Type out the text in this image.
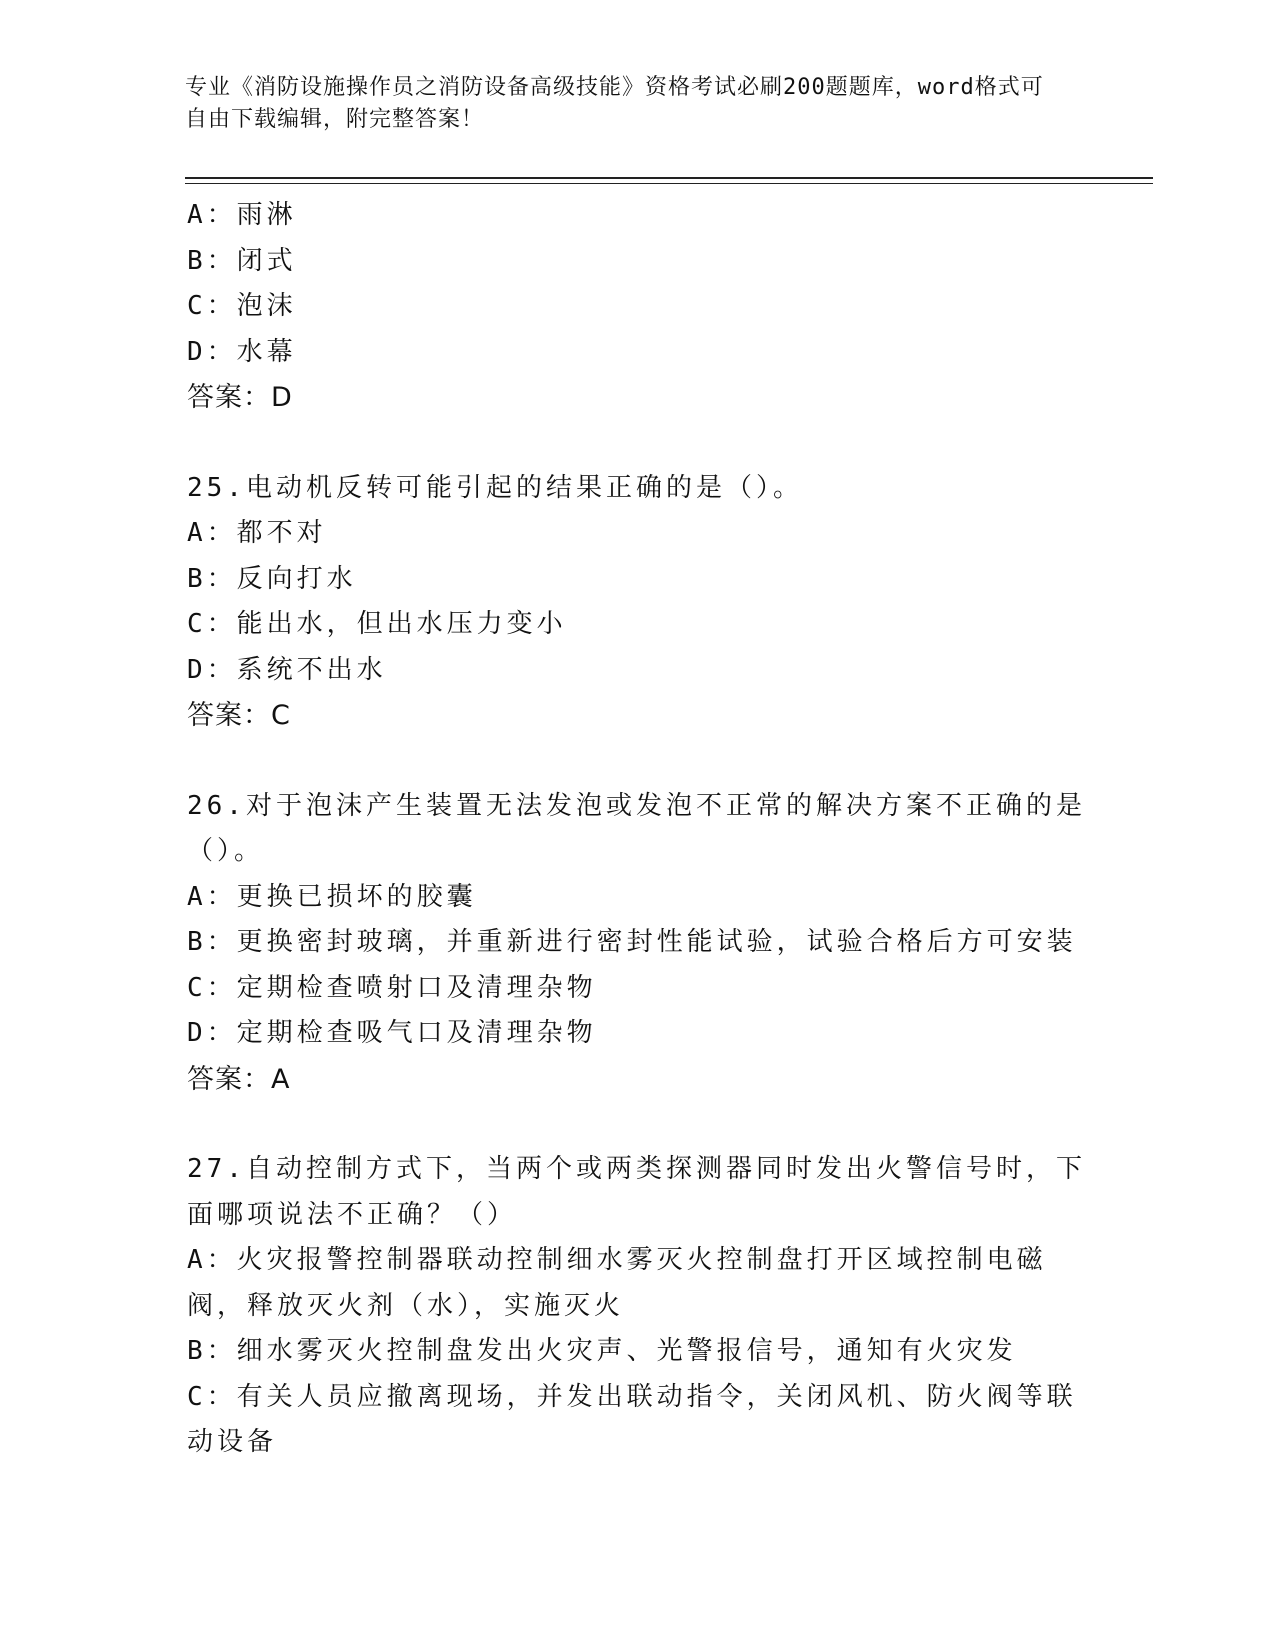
专业《消防设施操作员之消防设备高级技能》资格考试必刷200题题库，word格式可自由下载编辑，附完整答案！
A：雨淋
B：闭式
C：泡沫
D：水幕
答案：D
25.电动机反转可能引起的结果正确的是（）。
A：都不对
B：反向打水
C：能出水，但出水压力变小
D：系统不出水
答案：C
26.对于泡沫产生装置无法发泡或发泡不正常的解决方案不正确的是（）。
A：更换已损坏的胶囊
B：更换密封玻璃，并重新进行密封性能试验，试验合格后方可安装
C：定期检查喷射口及清理杂物
D：定期检查吸气口及清理杂物
答案：A
27.自动控制方式下，当两个或两类探测器同时发出火警信号时，下面哪项说法不正确？（）
A：火灾报警控制器联动控制细水雾灭火控制盘打开区域控制电磁阀，释放灭火剂（水），实施灭火
B：细水雾灭火控制盘发出火灾声、光警报信号，通知有火灾发
C：有关人员应撤离现场，并发出联动指令，关闭风机、防火阀等联动设备
